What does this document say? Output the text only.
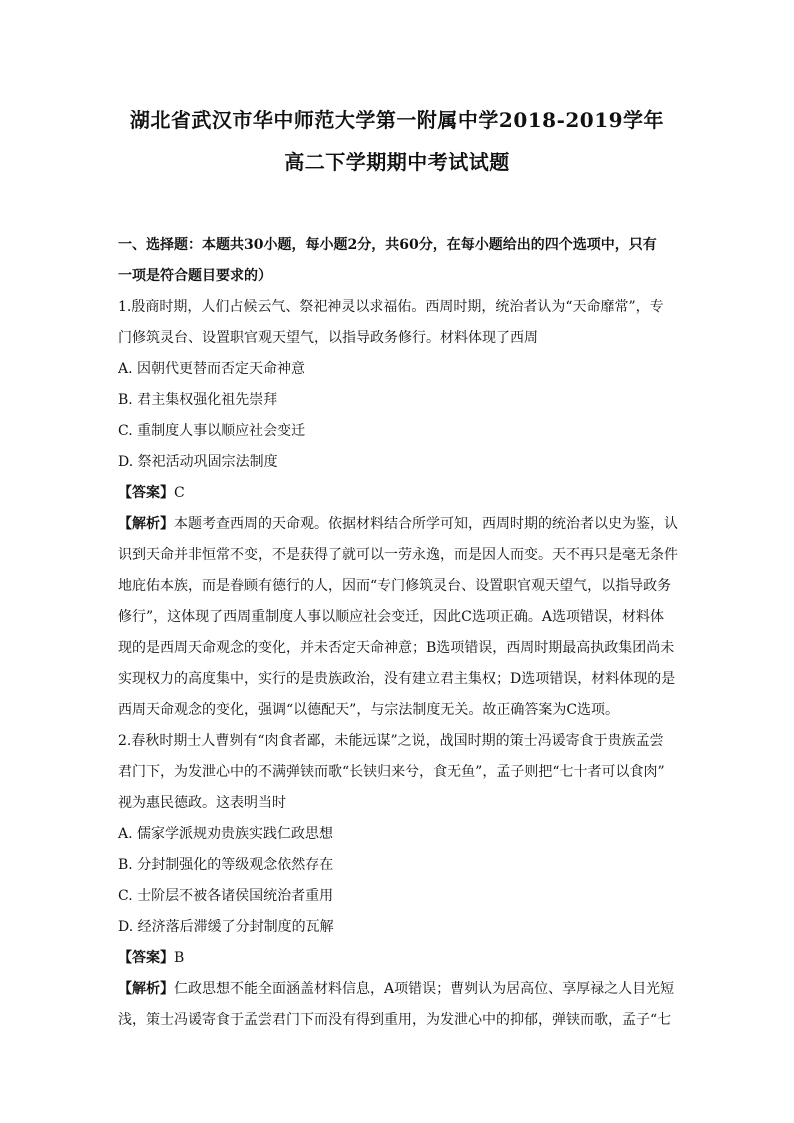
湖北省武汉市华中师范大学第一附属中学2018-2019学年
高二下学期期中考试试题

一、选择题：本题共30小题，每小题2分，共60分，在每小题给出的四个选项中，只有

一项是符合题目要求的）

1.殷商时期，人们占候云气、祭祀神灵以求福佑。西周时期，统治者认为“天命靡常”，专

门修筑灵台、设置职官观天望气，以指导政务修行。材料体现了西周

A. 因朝代更替而否定天命神意

B. 君主集权强化祖先崇拜

C. 重制度人事以顺应社会变迁

D. 祭祀活动巩固宗法制度

【答案】C

【解析】本题考查西周的天命观。依据材料结合所学可知，西周时期的统治者以史为鉴，认

识到天命并非恒常不变，不是获得了就可以一劳永逸，而是因人而变。天不再只是毫无条件

地庇佑本族，而是眷顾有德行的人，因而“专门修筑灵台、设置职官观天望气，以指导政务

修行”，这体现了西周重制度人事以顺应社会变迁，因此C选项正确。A选项错误，材料体

现的是西周天命观念的变化，并未否定天命神意；B选项错误，西周时期最高执政集团尚未

实现权力的高度集中，实行的是贵族政治，没有建立君主集权；D选项错误，材料体现的是

西周天命观念的变化，强调“以德配天”，与宗法制度无关。故正确答案为C选项。

2.春秋时期士人曹刿有“肉食者鄙，未能远谋”之说，战国时期的策士冯谖寄食于贵族孟尝

君门下，为发泄心中的不满弹铗而歌“长铗归来兮，食无鱼”，孟子则把“七十者可以食肉”

视为惠民德政。这表明当时

A. 儒家学派规劝贵族实践仁政思想

B. 分封制强化的等级观念依然存在

C. 士阶层不被各诸侯国统治者重用

D. 经济落后滞缓了分封制度的瓦解

【答案】B

【解析】仁政思想不能全面涵盖材料信息，A项错误；曹刿认为居高位、享厚禄之人目光短

浅，策士冯谖寄食于孟尝君门下而没有得到重用，为发泄心中的抑郁，弹铗而歌，孟子“七
